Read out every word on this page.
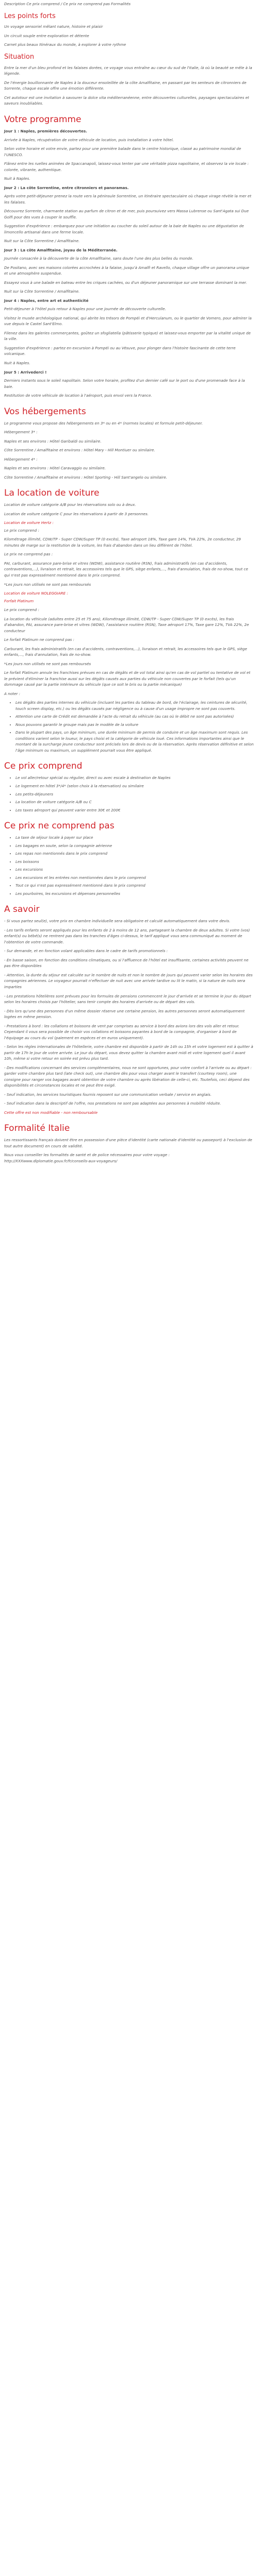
Description Ce prix comprend / Ce prix ne comprend pas Formalités

Les points forts

Un voyage sensoriel mêlant nature, histoire et plaisir

Un circuit souple entre exploration et détente

Carnet plus beaux Itinéraux du monde, à explorer à votre rythme

Situation

Entre la mer d'un bleu profond et les falaises dorées, ce voyage vous entraîne au cœur du sud de l'Italie, là où la beauté se mêle à la légende.

De l'énergie bouillonnante de Naples à la douceur ensoleillée de la côte Amalfitaine, en passant par les senteurs de citronniers de Sorrente, chaque escale offre une émotion différente.

Cet autotour est une invitation à savourer la dolce vita méditerranéenne, entre découvertes culturelles, paysages spectaculaires et saveurs inoubliables.

Votre programme

Jour 1 : Naples, premières découvertes.

Arrivée à Naples, récupération de votre véhicule de location, puis installation à votre hôtel.

Selon votre horaire et votre envie, partez pour une première balade dans le centre historique, classé au patrimoine mondial de l'UNESCO.

Flânez entre les ruelles animées de Spaccanapoli, laissez-vous tenter par une véritable pizza napolitaine, et observez la vie locale : colorée, vibrante, authentique.

Nuit à Naples.

Jour 2 : La côte Sorrentine, entre citronniers et panoramas.

Après votre petit-déjeuner prenez la route vers la péninsule Sorrentine, un itinéraire spectaculaire où chaque virage révèle la mer et les falaises.

Découvrez Sorrente, charmante station au parfum de citron et de mer, puis poursuivez vers Massa Lubrense ou Sant'Agata sui Due Golfi pour des vues à couper le souffle.

Suggestion d'expérience : embarquez pour une initiation au coucher du soleil autour de la baie de Naples ou une dégustation de limoncello artisanal dans une ferme locale.

Nuit sur la Côte Sorrentine / Amalfitaine.

Jour 3 : La côte Amalfitaine, joyau de la Méditerranée.

Journée consacrée à la découverte de la côte Amalfitaine, sans doute l'une des plus belles du monde.

De Positano, avec ses maisons colorées accrochées à la falaise, jusqu'à Amalfi et Ravello, chaque village offre un panorama unique et une atmosphère suspendue.

Essayez vous à une balade en bateau entre les criques cachées, ou d'un déjeuner panoramique sur une terrasse dominant la mer.

Nuit sur la Côte Sorrentine / Amalfitaine.

Jour 4 : Naples, entre art et authenticité

Petit-déjeuner à l'hôtel puis retour à Naples pour une journée de découverte culturelle.

Visitez le musée archéologique national, qui abrite les trésors de Pompéi et d'Herculanum, ou le quartier de Vomero, pour admirer la vue depuis le Castel Sant'Elmo.

Filenez dans les galeries commerçantes, goûtez un sfogliatella (pâtisserie typique) et laissez-vous emporter par la vitalité unique de la ville.

Suggestion d'expérience : partez en excursion à Pompéi ou au Vésuve, pour plonger dans l'histoire fascinante de cette terre volcanique.

Nuit à Naples.

Jour 5 : Arrivederci !

Derniers instants sous le soleil napolitain. Selon votre horaire, profitez d'un dernier café sur le port ou d'une promenade face à la baie.

Restitution de votre véhicule de location à l'aéroport, puis envol vers la France.

Vos hébergements

Le programme vous propose des hébergements en 3* ou en 4* (normes locales) et formule petit-déjeuner.

Hébergement 3* :

Naples et ses environs : Hôtel Garibaldi ou similaire.

Côte Sorrentine / Amalfitaine et environs : Hôtel Mary - Hill Montiuer ou similaire.

Hébergement 4* :

Naples et ses environs : Hôtel Caravaggio ou similaire.

Côte Sorrentine / Amalfitaine et environs : Hôtel Sporting - Hill Sant'angelo ou similaire.

La location de voiture

Location de voiture catégorie A/B pour les réservations solo ou à deux.

Location de voiture catégorie C pour les réservations à partir de 3 personnes.

Location de voiture Hertz :

Le prix comprend :

Kilométrage illimité, CDW/TP - Super CDW/Super TP (0 excès), Taxe aéroport 18%, Taxe gare 14%, TVA 22%, 2e conducteur, 29 minutes de marge sur la restitution de la voiture, les frais d'abandon dans un lieu différent de l'hôtel.

Le prix ne comprend pas :

PAI, carburant, assurance pare-brise et vitres (WDW), assistance routière (RSN), frais administratifs (en cas d'accidents, contraventions,...), livraison et retrait, les accessoires tels que le GPS, siège enfants,..., frais d'annulation, frais de no-show, tout ce qui n'est pas expressément mentionné dans le prix comprend.

*Les jours non utilisés ne sont pas remboursés

Location de voiture NOLEGGIARE :

Forfait Platinum

Le prix comprend :

La location du véhicule (adultes entre 25 et 75 ans), Kilométrage illimité, CDW/TP - Super CDW/Super TP (0 excès), les frais d'abandon, PAI, assurance pare-brise et vitres (WDW), l'assistance routière (RSN), Taxe aéroport 17%, Taxe gare 12%, TVA 22%, 2e conducteur

Le forfait Platinum ne comprend pas :

Carburant, les frais administratifs (en cas d'accidents, contraventions,...), livraison et retrait, les accessoires tels que le GPS, siège enfants,..., frais d'annulation, frais de no-show.

*Les jours non utilisés ne sont pas remboursés

Le forfait Platinum annule les franchises prévues en cas de dégâts et de vol total ainsi qu'en cas de vol partiel ou tentative de vol et le prévient d'éliminer la franchise aussi sur les dégâts causés aux parties du véhicule non couvertes par le forfait (tels qu'un dommage causé par la partie intérieure du véhicule (que ce soit le bris ou la partie mécanique)

A noter :

• Les dégâts des parties internes du véhicule (incluant les parties du tableau de bord, de l'éclairage, les ceintures de sécurité, touch screen display, etc.) ou les dégâts causés par négligence ou à cause d'un usage impropre ne sont pas couverts.
• Attention une carte de Crédit est demandée à l'acte du retrait du véhicule (au cas où le débit ne sont pas autorisées)
• Nous pouvons garantir le groupe mais pas le modèle de la voiture
• Dans le plupart des pays, un âge minimum, une durée minimum de permis de conduire et un âge maximum sont requis. Les conditions varient selon le loueur, le pays choisi et la catégorie de véhicule loué. Ces informations importantes ainsi que le montant de la surcharge jeune conducteur sont précisés lors de devis ou de la réservation. Après réservation définitive et selon l'âge minimum ou maximum, un supplément pourrait vous être appliqué.
Ce prix comprend
• Le vol aller/retour spécial ou régulier, direct ou avec escale à destination de Naples
• Le logement en hôtel 3*/4* (selon choix à la réservation) ou similaire
• Les petits-déjeuners
• La location de voiture catégorie A/B ou C
• Les taxes aéroport qui peuvent varier entre 30€ et 200€
Ce prix ne comprend pas
• La taxe de séjour locale à payer sur place
• Les bagages en soute, selon la compagnie aérienne
• Les repas non mentionnés dans le prix comprend
• Les boissons
• Les excursions
• Les excursions et les entrées non mentionnées dans le prix comprend
• Tout ce qui n'est pas expressément mentionné dans le prix comprend
• Les pourboires, les excursions et dépenses personnelles
A savoir

- Si vous partez seul(e), votre prix en chambre individuelle sera obligatoire et calculé automatiquement dans votre devis.

- Les tarifs enfants seront appliqués pour les enfants de 2 à moins de 12 ans, partageant la chambre de deux adultes. Si votre (vos) enfant(s) ou bébé(s) ne rentrent pas dans les tranches d'âges ci-dessus, le tarif appliqué vous sera communiqué au moment de l'obtention de votre commande.

- Sur demande, et en fonction volant applicables dans le cadre de tarifs promotionnels :

- En basse saison, en fonction des conditions climatiques, ou si l'affluence de l'hôtel est insuffisante, certaines activités peuvent ne pas être disponibles

- Attention, la durée du séjour est calculée sur le nombre de nuits et non le nombre de jours qui peuvent varier selon les horaires des compagnies aériennes. Le voyageur pourrait n'effectuer de nuit avec une arrivée tardive ou lit le matin, si la nature de nuits sera imparties

- Les prestations hôtelières sont prévues pour les formules de pensions commencent le jour d'arrivée et se termine le jour du départ selon les horaires choisis par l'hôtelier, sans tenir compte des horaires d'arrivée ou de départ des vols.

- Dès lors qu'une des personnes d'un même dossier réserve une certaine pension, les autres personnes seront automatiquement logées en même pension.

- Prestations à bord : les collations et boissons de vent par comprises au service à bord des avions lors des vols aller et retour. Cependant il vous sera possible de choisir vos collations et boissons payantes à bord de la compagnie, d'organiser à bord de l'équipage au cours du vol (paiement en espèces et en euros uniquement).

- Selon les règles internationales de l'hôtellerie, votre chambre est disponible à partir de 14h ou 15h et votre logement est à quitter à partir de 17h le jour de votre arrivée. Le jour du départ, vous devez quitter la chambre avant midi et votre logement quel il avant 10h, même si votre retour en soirée est prévu plus tard.

- Des modifications concernant des services complémentaires, nous ne sont opportunes, pour votre confort à l'arrivée ou au départ : garder votre chambre plus tard (late check out), une chambre dès pour vous charger avant le transfert (courtesy room), une consigne pour ranger vos bagages avant obtention de votre chambre ou après libération de celle-ci, etc. Toutefois, ceci dépend des disponibilités et circonstances locales et ne peut être exigé.

- Seuf indication, les services touristiques fournis reposent sur une communication verbale / service en anglais.

- Seuf indication dans la descriptif de l'offre, nos prestations ne sont pas adaptées aux personnes à mobilité réduite.

Cette offre est non modifiable - non remboursable

Formalité Italie

Les ressortissants français doivent être en possession d'une pièce d'identité (carte nationale d'identité ou passeport) à l'exclusion de tout autre document) en cours de validité.

Nous vous conseiller les formalités de santé et de police nécessaires pour votre voyage : http://XXXwww.diplomatie.gouv.fr/fr/conseils-aux-voyageurs/
